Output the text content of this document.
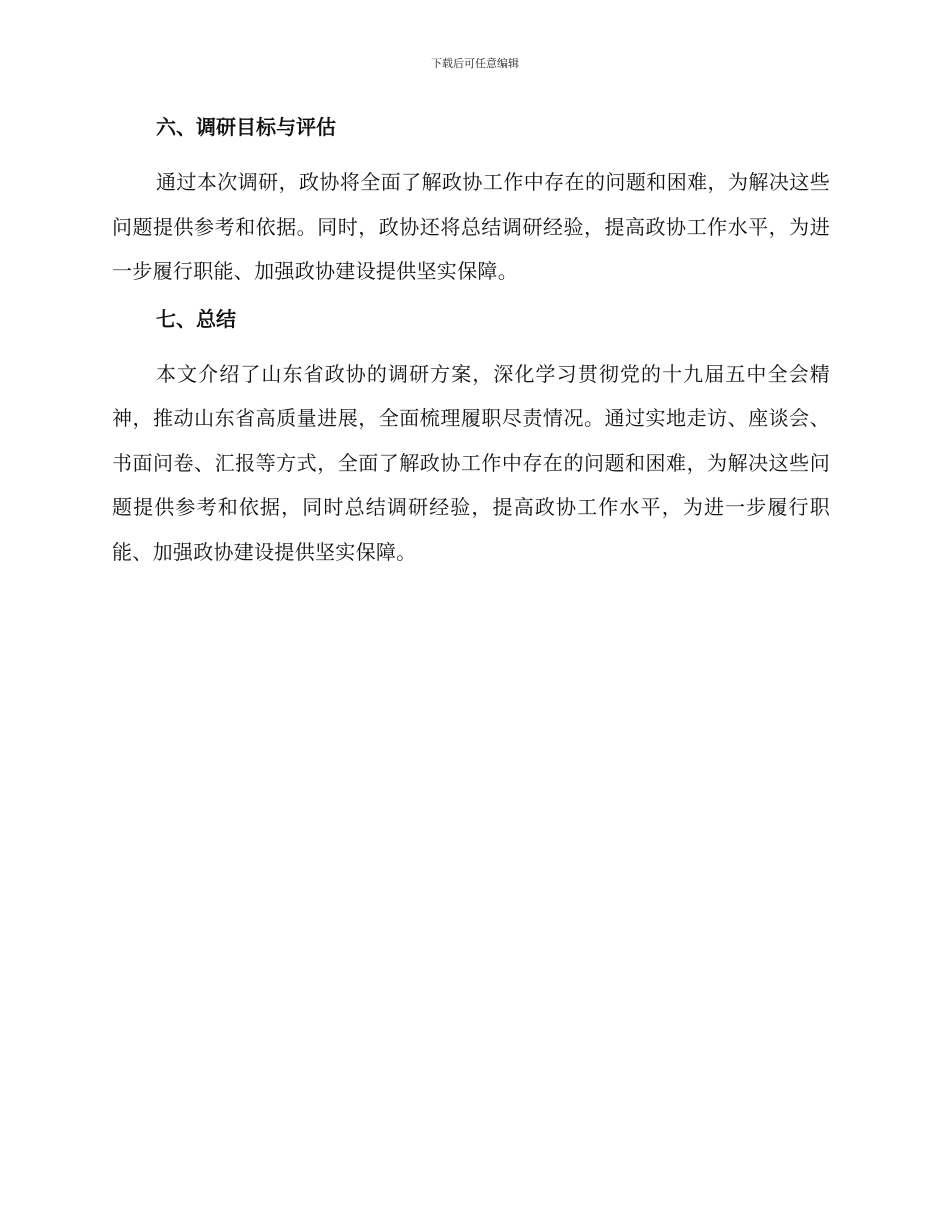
下载后可任意编辑
六、调研目标与评估

通过本次调研，政协将全面了解政协工作中存在的问题和困难，为解决这些问题提供参考和依据。同时，政协还将总结调研经验，提高政协工作水平，为进一步履行职能、加强政协建设提供坚实保障。

七、总结

本文介绍了山东省政协的调研方案，深化学习贯彻党的十九届五中全会精神，推动山东省高质量进展，全面梳理履职尽责情况。通过实地走访、座谈会、书面问卷、汇报等方式，全面了解政协工作中存在的问题和困难，为解决这些问题提供参考和依据，同时总结调研经验，提高政协工作水平，为进一步履行职能、加强政协建设提供坚实保障。
